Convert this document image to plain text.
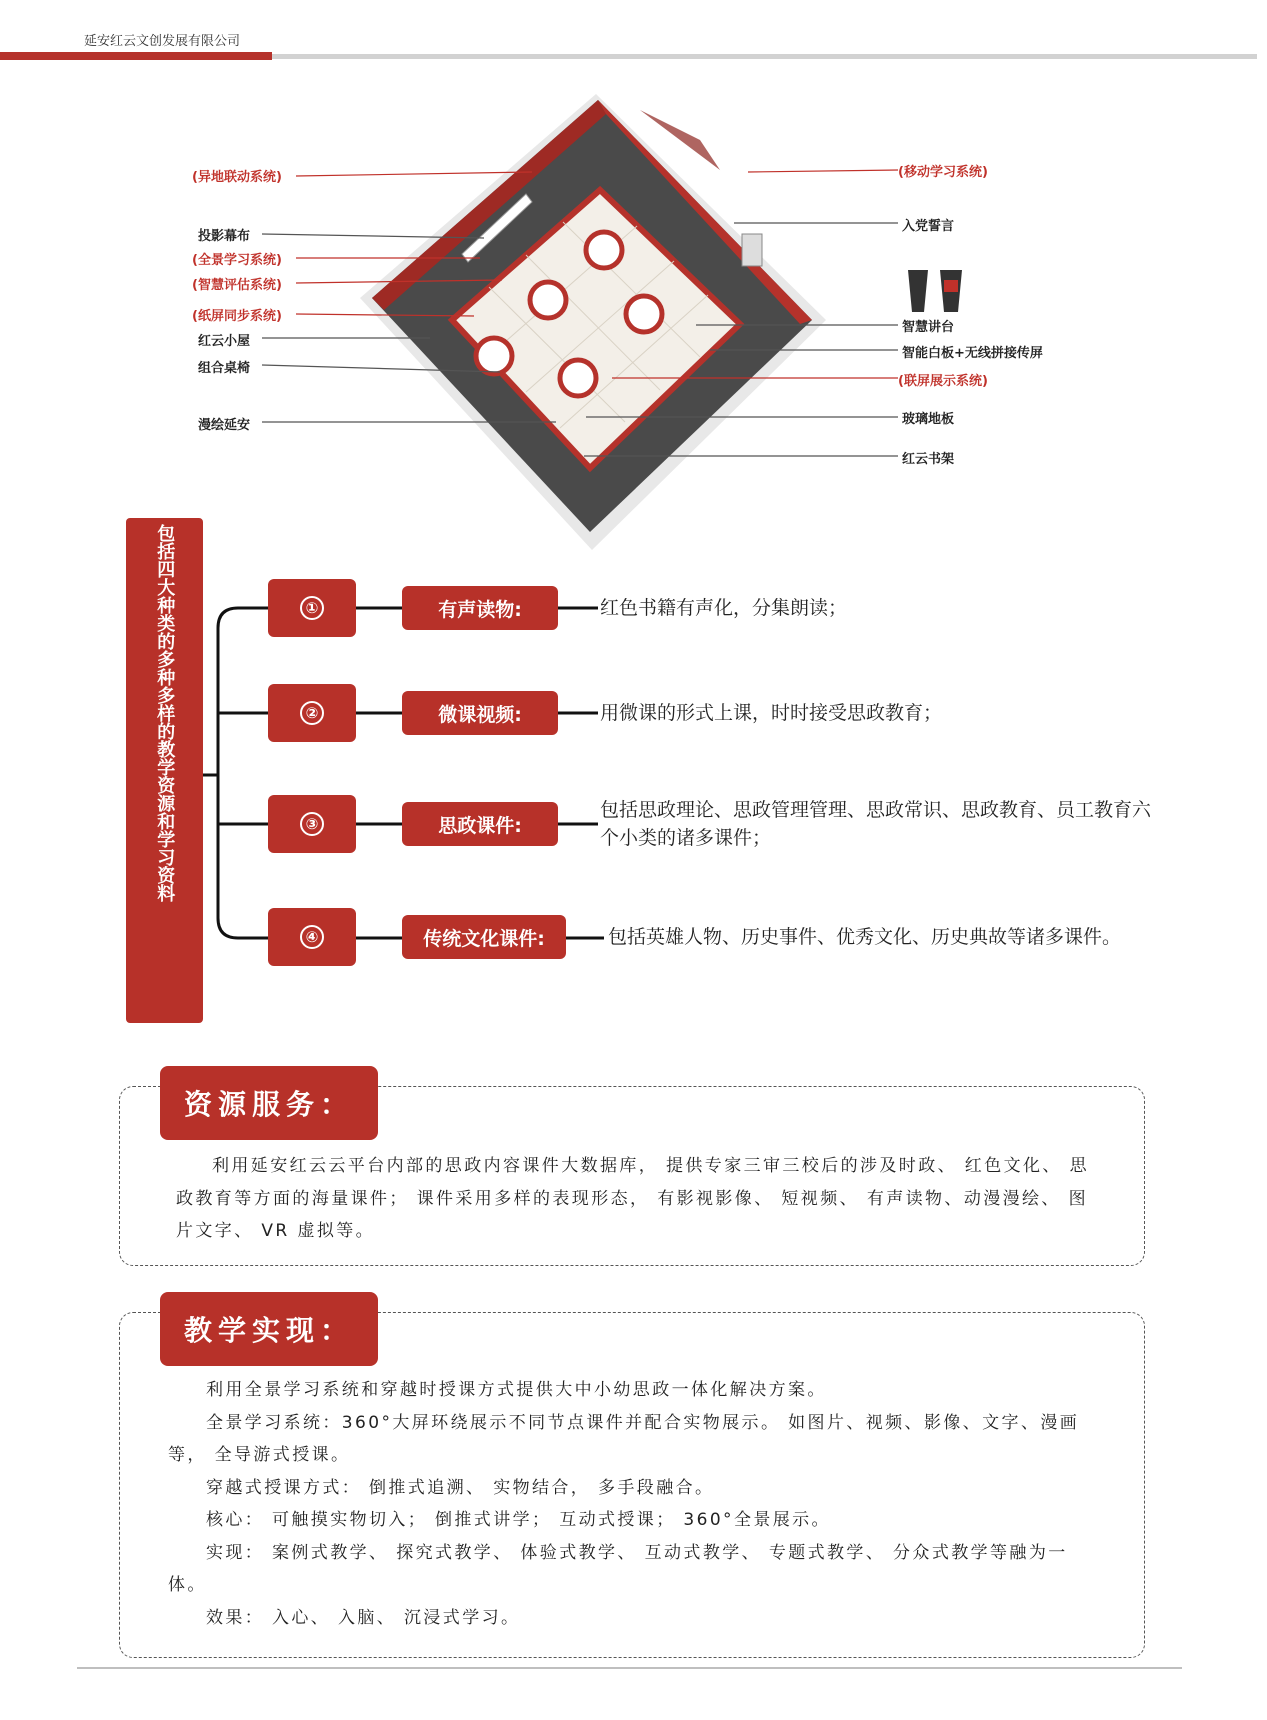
延安红云文创发展有限公司
(异地联动系统)
投影幕布
(全景学习系统)
(智慧评估系统)
(纸屏同步系统)
红云小屋
组合桌椅
漫绘延安
(移动学习系统)
入党誓言
智慧讲台
智能白板+无线拼接传屏
(联屏展示系统)
玻璃地板
红云书架
包括四大种类的多种多样的教学资源和学习资料	①	有声读物:	红色书籍有声化，分集朗读；
②	微课视频:	用微课的形式上课，时时接受思政教育；
③	思政课件:
包括思政理论、思政管理管理、思政常识、思政教育、员工教育六个小类的诸多课件；
④	传统文化课件:	包括英雄人物、历史事件、优秀文化、历史典故等诸多课件。
资源服务：

利用延安红云云平台内部的思政内容课件大数据库， 提供专家三审三校后的涉及时政、 红色文化、 思政教育等方面的海量课件； 课件采用多样的表现形态， 有影视影像、 短视频、 有声读物、动漫漫绘、 图片文字、 VR 虚拟等。

教学实现：

利用全景学习系统和穿越时授课方式提供大中小幼思政一体化解决方案。

全景学习系统：360°大屏环绕展示不同节点课件并配合实物展示。 如图片、视频、影像、文字、漫画等， 全导游式授课。

穿越式授课方式： 倒推式追溯、 实物结合， 多手段融合。

核心： 可触摸实物切入； 倒推式讲学； 互动式授课； 360°全景展示。

实现： 案例式教学、 探究式教学、 体验式教学、 互动式教学、 专题式教学、 分众式教学等融为一体。

效果： 入心、 入脑、 沉浸式学习。
